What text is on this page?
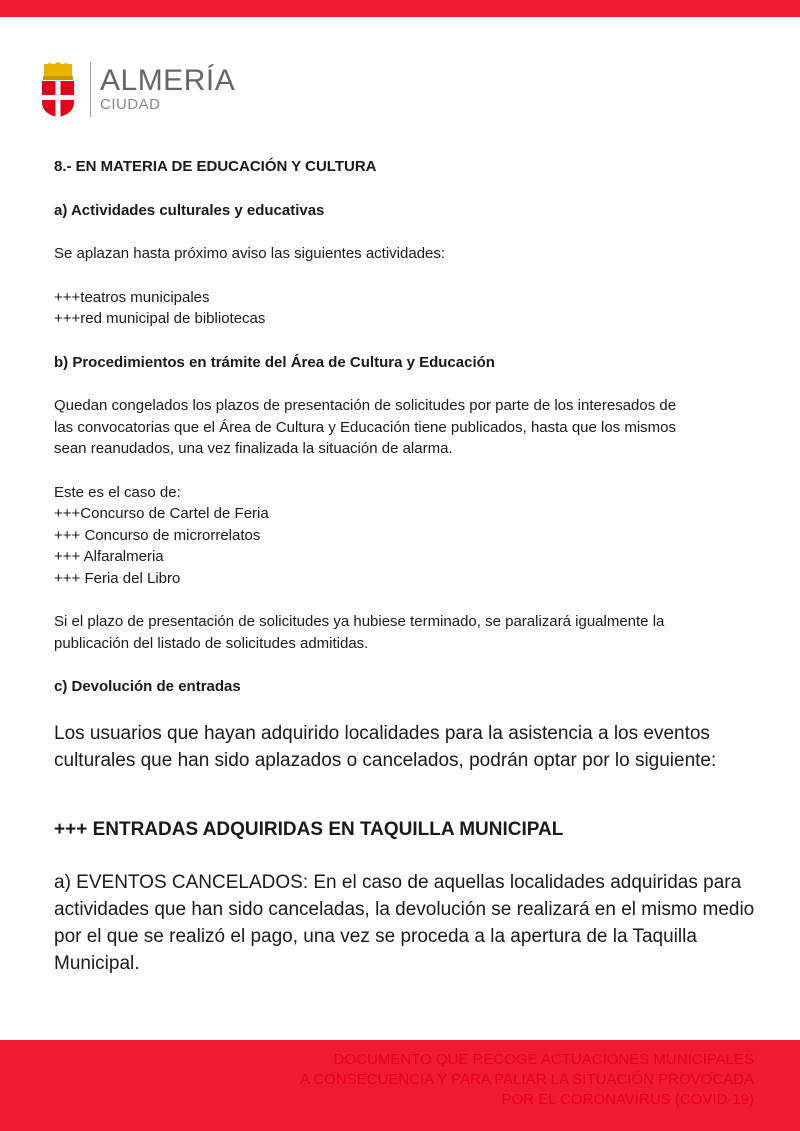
ALMERÍA
CIUDAD

8.- EN MATERIA DE EDUCACIÓN Y CULTURA

a) Actividades culturales y educativas

Se aplazan hasta próximo aviso las siguientes actividades:

+++teatros municipales

+++red municipal de bibliotecas

b) Procedimientos en trámite del Área de Cultura y Educación

Quedan congelados los plazos de presentación de solicitudes por parte de los interesados de

las convocatorias que el Área de Cultura y Educación tiene publicados, hasta que los mismos

sean reanudados, una vez finalizada la situación de alarma.

Este es el caso de:

+++Concurso de Cartel de Feria

+++ Concurso de microrrelatos

+++ Alfaralmeria

+++ Feria del Libro

Si el plazo de presentación de solicitudes ya hubiese terminado, se paralizará igualmente la

publicación del listado de solicitudes admitidas.

c) Devolución de entradas

Los usuarios que hayan adquirido localidades para la asistencia a los eventos

culturales que han sido aplazados o cancelados, podrán optar por lo siguiente:

+++ ENTRADAS ADQUIRIDAS EN TAQUILLA MUNICIPAL

a) EVENTOS CANCELADOS: En el caso de aquellas localidades adquiridas para

actividades que han sido canceladas, la devolución se realizará en el mismo medio

por el que se realizó el pago, una vez se proceda a la apertura de la Taquilla Municipal.

DOCUMENTO QUE RECOGE ACTUACIONES MUNICIPALES
A CONSECUENCIA Y PARA PALIAR LA SITUACIÓN PROVOCADA
POR EL CORONAVIRUS (COVID-19)
